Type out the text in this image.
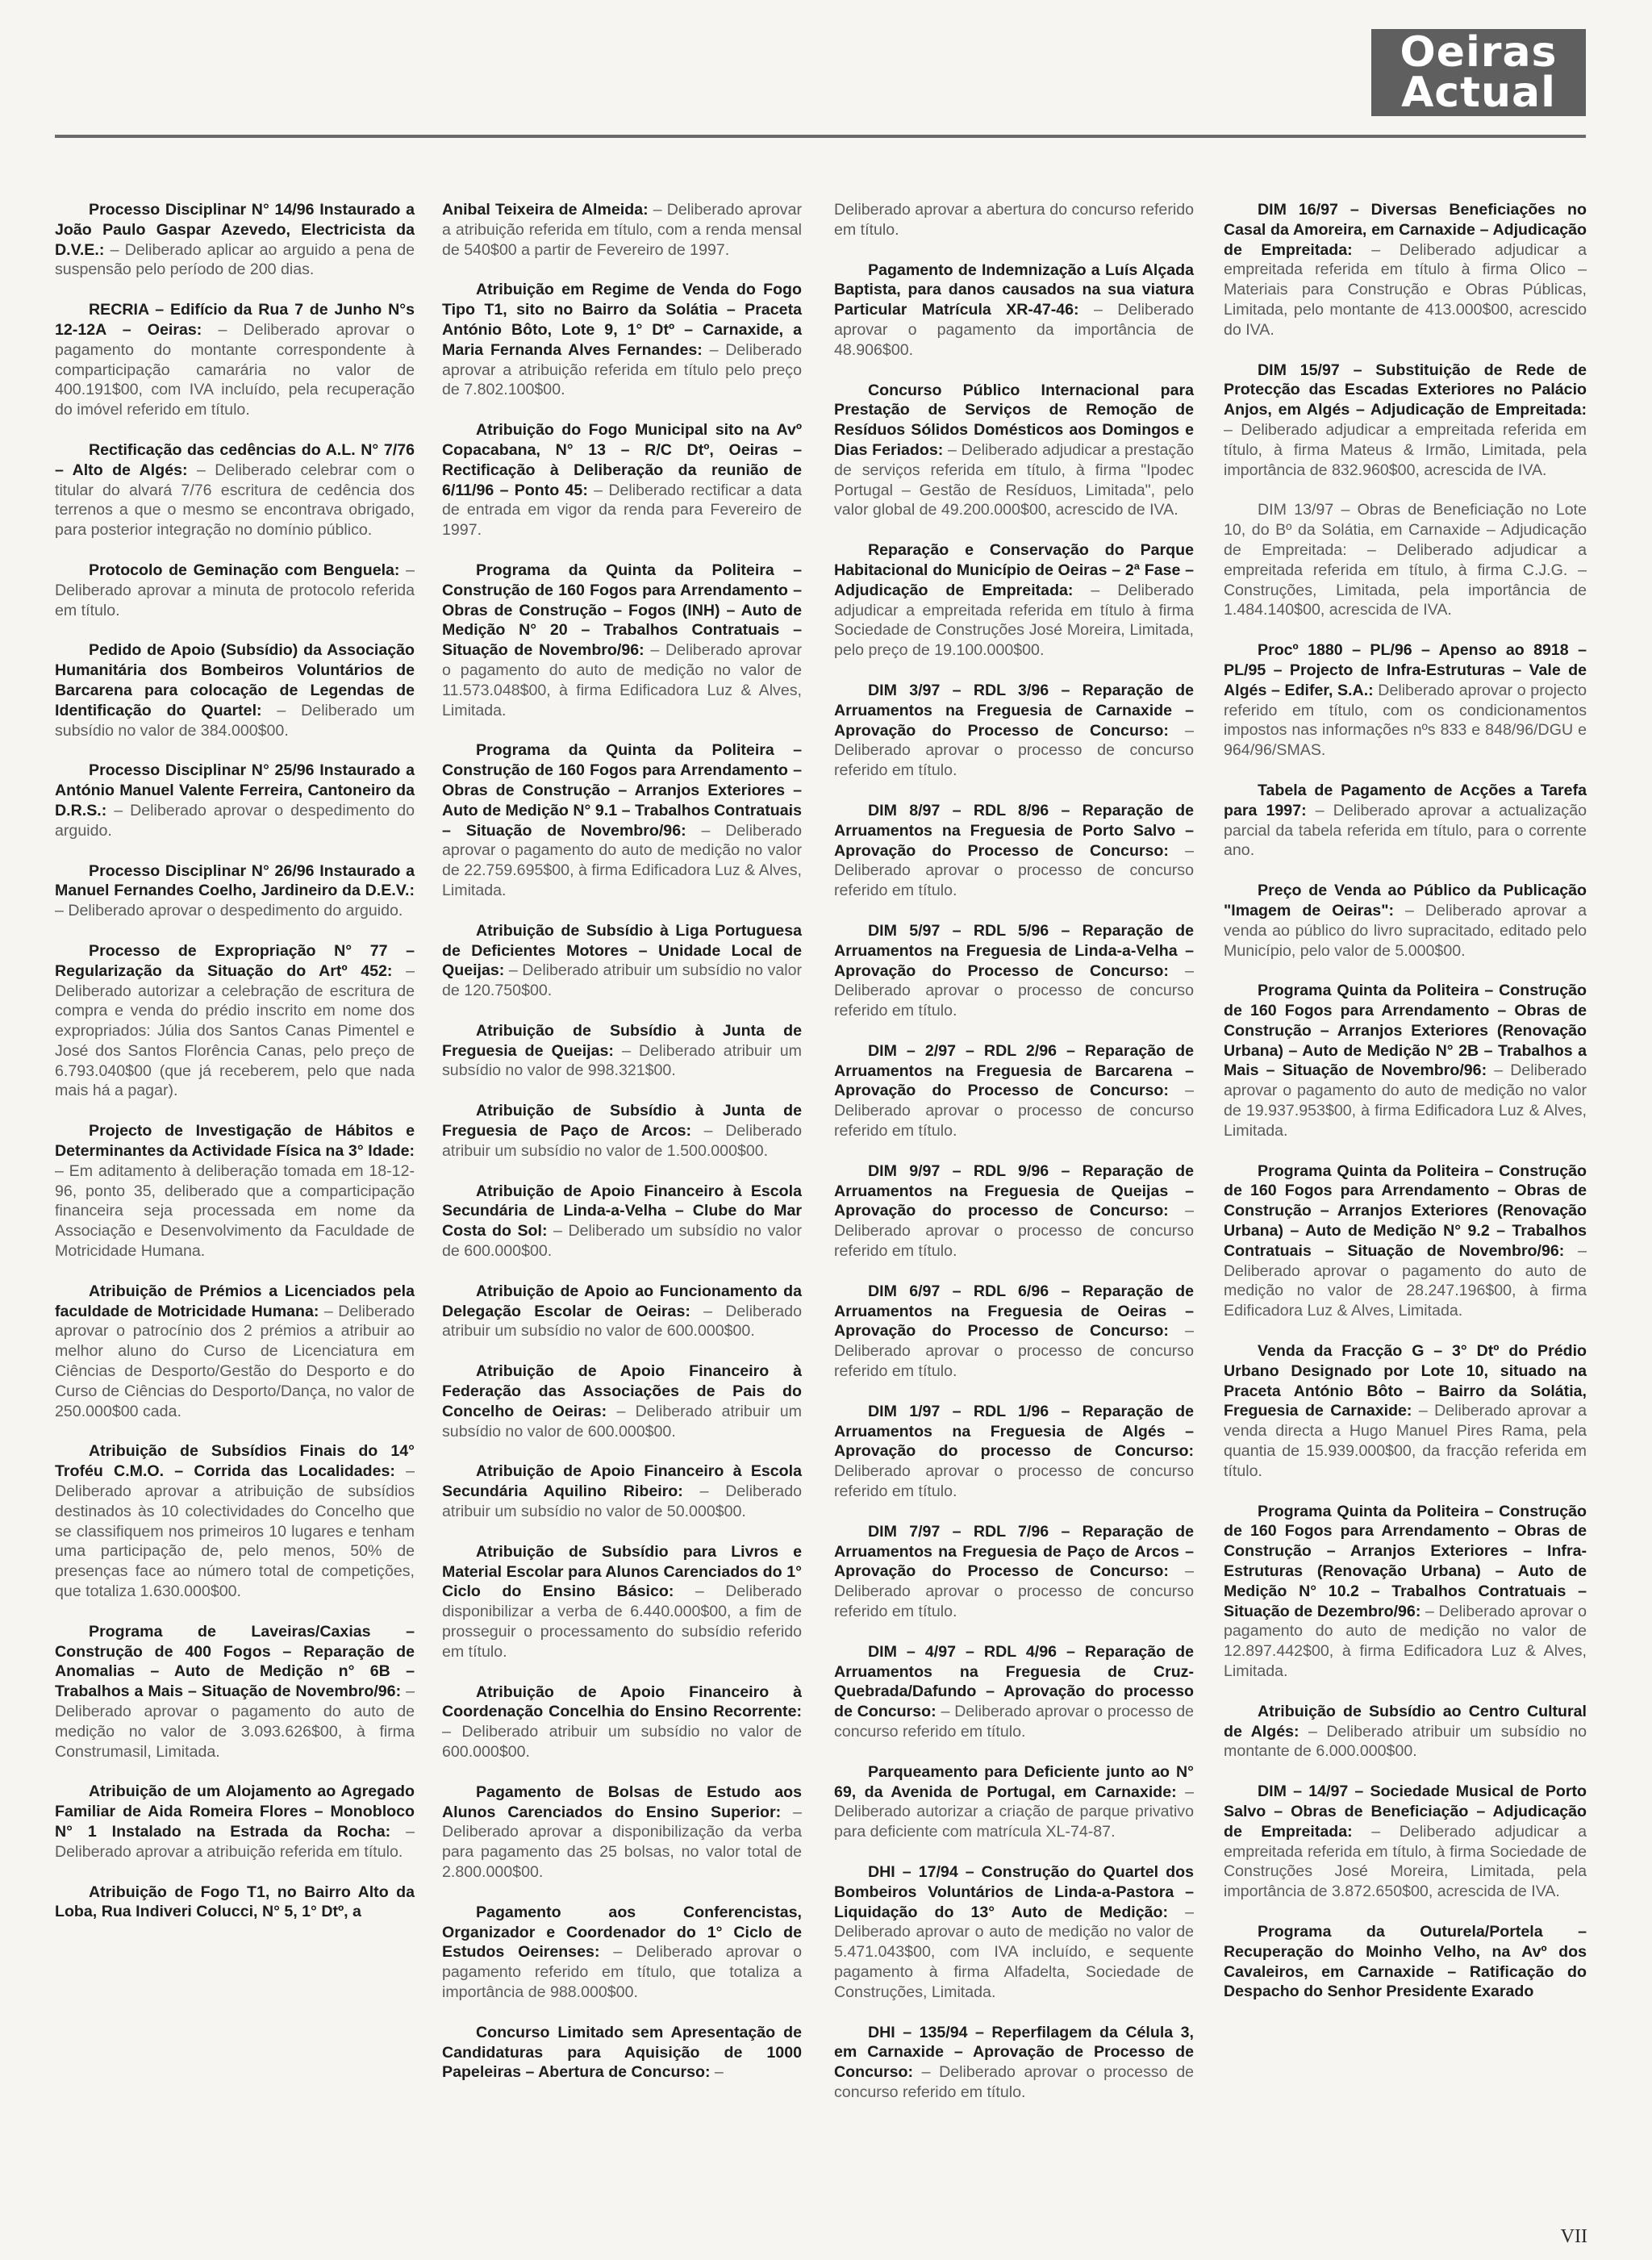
Oeiras
Actual

Processo Disciplinar N° 14/96 Instaurado a João Paulo Gaspar Azevedo, Electricista da D.V.E.: – Deliberado aplicar ao arguido a pena de suspensão pelo período de 200 dias.

RECRIA – Edifício da Rua 7 de Junho N°s 12-12A – Oeiras: – Deliberado aprovar o pagamento do montante correspondente à comparticipação camarária no valor de 400.191$00, com IVA incluído, pela recuperação do imóvel referido em título.

Rectificação das cedências do A.L. N° 7/76 – Alto de Algés: – Deliberado celebrar com o titular do alvará 7/76 escritura de cedência dos terrenos a que o mesmo se encontrava obrigado, para posterior integração no domínio público.

Protocolo de Geminação com Benguela: – Deliberado aprovar a minuta de protocolo referida em título.

Pedido de Apoio (Subsídio) da Associação Humanitária dos Bombeiros Voluntários de Barcarena para colocação de Legendas de Identificação do Quartel: – Deliberado um subsídio no valor de 384.000$00.

Processo Disciplinar N° 25/96 Instaurado a António Manuel Valente Ferreira, Cantoneiro da D.R.S.: – Deliberado aprovar o despedimento do arguido.

Processo Disciplinar N° 26/96 Instaurado a Manuel Fernandes Coelho, Jardineiro da D.E.V.: – Deliberado aprovar o despedimento do arguido.

Processo de Expropriação N° 77 – Regularização da Situação do Artº 452: – Deliberado autorizar a celebração de escritura de compra e venda do prédio inscrito em nome dos expropriados: Júlia dos Santos Canas Pimentel e José dos Santos Florência Canas, pelo preço de 6.793.040$00 (que já receberem, pelo que nada mais há a pagar).

Projecto de Investigação de Hábitos e Determinantes da Actividade Física na 3° Idade: – Em aditamento à deliberação tomada em 18-12-96, ponto 35, deliberado que a comparticipação financeira seja processada em nome da Associação e Desenvolvimento da Faculdade de Motricidade Humana.

Atribuição de Prémios a Licenciados pela faculdade de Motricidade Humana: – Deliberado aprovar o patrocínio dos 2 prémios a atribuir ao melhor aluno do Curso de Licenciatura em Ciências de Desporto/Gestão do Desporto e do Curso de Ciências do Desporto/Dança, no valor de 250.000$00 cada.

Atribuição de Subsídios Finais do 14° Troféu C.M.O. – Corrida das Localidades: – Deliberado aprovar a atribuição de subsídios destinados às 10 colectividades do Concelho que se classifiquem nos primeiros 10 lugares e tenham uma participação de, pelo menos, 50% de presenças face ao número total de competições, que totaliza 1.630.000$00.

Programa de Laveiras/Caxias – Construção de 400 Fogos – Reparação de Anomalias – Auto de Medição n° 6B – Trabalhos a Mais – Situação de Novembro/96: – Deliberado aprovar o pagamento do auto de medição no valor de 3.093.626$00, à firma Construmasil, Limitada.

Atribuição de um Alojamento ao Agregado Familiar de Aida Romeira Flores – Monobloco N° 1 Instalado na Estrada da Rocha: – Deliberado aprovar a atribuição referida em título.

Atribuição de Fogo T1, no Bairro Alto da Loba, Rua Indiveri Colucci, N° 5, 1° Dtº, a

Anibal Teixeira de Almeida: – Deliberado aprovar a atribuição referida em título, com a renda mensal de 540$00 a partir de Fevereiro de 1997.

Atribuição em Regime de Venda do Fogo Tipo T1, sito no Bairro da Solátia – Praceta António Bôto, Lote 9, 1° Dtº – Carnaxide, a Maria Fernanda Alves Fernandes: – Deliberado aprovar a atribuição referida em título pelo preço de 7.802.100$00.

Atribuição do Fogo Municipal sito na Avº Copacabana, N° 13 – R/C Dtº, Oeiras – Rectificação à Deliberação da reunião de 6/11/96 – Ponto 45: – Deliberado rectificar a data de entrada em vigor da renda para Fevereiro de 1997.

Programa da Quinta da Politeira – Construção de 160 Fogos para Arrendamento – Obras de Construção – Fogos (INH) – Auto de Medição N° 20 – Trabalhos Contratuais – Situação de Novembro/96: – Deliberado aprovar o pagamento do auto de medição no valor de 11.573.048$00, à firma Edificadora Luz & Alves, Limitada.

Programa da Quinta da Politeira – Construção de 160 Fogos para Arrendamento – Obras de Construção – Arranjos Exteriores – Auto de Medição N° 9.1 – Trabalhos Contratuais – Situação de Novembro/96: – Deliberado aprovar o pagamento do auto de medição no valor de 22.759.695$00, à firma Edificadora Luz & Alves, Limitada.

Atribuição de Subsídio à Liga Portuguesa de Deficientes Motores – Unidade Local de Queijas: – Deliberado atribuir um subsídio no valor de 120.750$00.

Atribuição de Subsídio à Junta de Freguesia de Queijas: – Deliberado atribuir um subsídio no valor de 998.321$00.

Atribuição de Subsídio à Junta de Freguesia de Paço de Arcos: – Deliberado atribuir um subsídio no valor de 1.500.000$00.

Atribuição de Apoio Financeiro à Escola Secundária de Linda-a-Velha – Clube do Mar Costa do Sol: – Deliberado um subsídio no valor de 600.000$00.

Atribuição de Apoio ao Funcionamento da Delegação Escolar de Oeiras: – Deliberado atribuir um subsídio no valor de 600.000$00.

Atribuição de Apoio Financeiro à Federação das Associações de Pais do Concelho de Oeiras: – Deliberado atribuir um subsídio no valor de 600.000$00.

Atribuição de Apoio Financeiro à Escola Secundária Aquilino Ribeiro: – Deliberado atribuir um subsídio no valor de 50.000$00.

Atribuição de Subsídio para Livros e Material Escolar para Alunos Carenciados do 1° Ciclo do Ensino Básico: – Deliberado disponibilizar a verba de 6.440.000$00, a fim de prosseguir o processamento do subsídio referido em título.

Atribuição de Apoio Financeiro à Coordenação Concelhia do Ensino Recorrente: – Deliberado atribuir um subsídio no valor de 600.000$00.

Pagamento de Bolsas de Estudo aos Alunos Carenciados do Ensino Superior: – Deliberado aprovar a disponibilização da verba para pagamento das 25 bolsas, no valor total de 2.800.000$00.

Pagamento aos Conferencistas, Organizador e Coordenador do 1° Ciclo de Estudos Oeirenses: – Deliberado aprovar o pagamento referido em título, que totaliza a importância de 988.000$00.

Concurso Limitado sem Apresentação de Candidaturas para Aquisição de 1000 Papeleiras – Abertura de Concurso: –

Deliberado aprovar a abertura do concurso referido em título.

Pagamento de Indemnização a Luís Alçada Baptista, para danos causados na sua viatura Particular Matrícula XR-47-46: – Deliberado aprovar o pagamento da importância de 48.906$00.

Concurso Público Internacional para Prestação de Serviços de Remoção de Resíduos Sólidos Domésticos aos Domingos e Dias Feriados: – Deliberado adjudicar a prestação de serviços referida em título, à firma "Ipodec Portugal – Gestão de Resíduos, Limitada", pelo valor global de 49.200.000$00, acrescido de IVA.

Reparação e Conservação do Parque Habitacional do Município de Oeiras – 2ª Fase – Adjudicação de Empreitada: – Deliberado adjudicar a empreitada referida em título à firma Sociedade de Construções José Moreira, Limitada, pelo preço de 19.100.000$00.

DIM 3/97 – RDL 3/96 – Reparação de Arruamentos na Freguesia de Carnaxide – Aprovação do Processo de Concurso: – Deliberado aprovar o processo de concurso referido em título.

DIM 8/97 – RDL 8/96 – Reparação de Arruamentos na Freguesia de Porto Salvo – Aprovação do Processo de Concurso: – Deliberado aprovar o processo de concurso referido em título.

DIM 5/97 – RDL 5/96 – Reparação de Arruamentos na Freguesia de Linda-a-Velha – Aprovação do Processo de Concurso: – Deliberado aprovar o processo de concurso referido em título.

DIM – 2/97 – RDL 2/96 – Reparação de Arruamentos na Freguesia de Barcarena – Aprovação do Processo de Concurso: – Deliberado aprovar o processo de concurso referido em título.

DIM 9/97 – RDL 9/96 – Reparação de Arruamentos na Freguesia de Queijas – Aprovação do processo de Concurso: – Deliberado aprovar o processo de concurso referido em título.

DIM 6/97 – RDL 6/96 – Reparação de Arruamentos na Freguesia de Oeiras – Aprovação do Processo de Concurso: – Deliberado aprovar o processo de concurso referido em título.

DIM 1/97 – RDL 1/96 – Reparação de Arruamentos na Freguesia de Algés – Aprovação do processo de Concurso: Deliberado aprovar o processo de concurso referido em título.

DIM 7/97 – RDL 7/96 – Reparação de Arruamentos na Freguesia de Paço de Arcos – Aprovação do Processo de Concurso: – Deliberado aprovar o processo de concurso referido em título.

DIM – 4/97 – RDL 4/96 – Reparação de Arruamentos na Freguesia de Cruz-Quebrada/Dafundo – Aprovação do processo de Concurso: – Deliberado aprovar o processo de concurso referido em título.

Parqueamento para Deficiente junto ao N° 69, da Avenida de Portugal, em Carnaxide: – Deliberado autorizar a criação de parque privativo para deficiente com matrícula XL-74-87.

DHI – 17/94 – Construção do Quartel dos Bombeiros Voluntários de Linda-a-Pastora – Liquidação do 13° Auto de Medição: – Deliberado aprovar o auto de medição no valor de 5.471.043$00, com IVA incluído, e sequente pagamento à firma Alfadelta, Sociedade de Construções, Limitada.

DHI – 135/94 – Reperfilagem da Célula 3, em Carnaxide – Aprovação de Processo de Concurso: – Deliberado aprovar o processo de concurso referido em título.

DIM 16/97 – Diversas Beneficiações no Casal da Amoreira, em Carnaxide – Adjudicação de Empreitada: – Deliberado adjudicar a empreitada referida em título à firma Olico – Materiais para Construção e Obras Públicas, Limitada, pelo montante de 413.000$00, acrescido do IVA.

DIM 15/97 – Substituição de Rede de Protecção das Escadas Exteriores no Palácio Anjos, em Algés – Adjudicação de Empreitada: – Deliberado adjudicar a empreitada referida em título, à firma Mateus & Irmão, Limitada, pela importância de 832.960$00, acrescida de IVA.

DIM 13/97 – Obras de Beneficiação no Lote 10, do Bº da Solátia, em Carnaxide – Adjudicação de Empreitada: – Deliberado adjudicar a empreitada referida em título, à firma C.J.G. – Construções, Limitada, pela importância de 1.484.140$00, acrescida de IVA.

Procº 1880 – PL/96 – Apenso ao 8918 – PL/95 – Projecto de Infra-Estruturas – Vale de Algés – Edifer, S.A.: Deliberado aprovar o projecto referido em título, com os condicionamentos impostos nas informações nºs 833 e 848/96/DGU e 964/96/SMAS.

Tabela de Pagamento de Acções a Tarefa para 1997: – Deliberado aprovar a actualização parcial da tabela referida em título, para o corrente ano.

Preço de Venda ao Público da Publicação "Imagem de Oeiras": – Deliberado aprovar a venda ao público do livro supracitado, editado pelo Município, pelo valor de 5.000$00.

Programa Quinta da Politeira – Construção de 160 Fogos para Arrendamento – Obras de Construção – Arranjos Exteriores (Renovação Urbana) – Auto de Medição N° 2B – Trabalhos a Mais – Situação de Novembro/96: – Deliberado aprovar o pagamento do auto de medição no valor de 19.937.953$00, à firma Edificadora Luz & Alves, Limitada.

Programa Quinta da Politeira – Construção de 160 Fogos para Arrendamento – Obras de Construção – Arranjos Exteriores (Renovação Urbana) – Auto de Medição N° 9.2 – Trabalhos Contratuais – Situação de Novembro/96: – Deliberado aprovar o pagamento do auto de medição no valor de 28.247.196$00, à firma Edificadora Luz & Alves, Limitada.

Venda da Fracção G – 3° Dtº do Prédio Urbano Designado por Lote 10, situado na Praceta António Bôto – Bairro da Solátia, Freguesia de Carnaxide: – Deliberado aprovar a venda directa a Hugo Manuel Pires Rama, pela quantia de 15.939.000$00, da fracção referida em título.

Programa Quinta da Politeira – Construção de 160 Fogos para Arrendamento – Obras de Construção – Arranjos Exteriores – Infra-Estruturas (Renovação Urbana) – Auto de Medição N° 10.2 – Trabalhos Contratuais – Situação de Dezembro/96: – Deliberado aprovar o pagamento do auto de medição no valor de 12.897.442$00, à firma Edificadora Luz & Alves, Limitada.

Atribuição de Subsídio ao Centro Cultural de Algés: – Deliberado atribuir um subsídio no montante de 6.000.000$00.

DIM – 14/97 – Sociedade Musical de Porto Salvo – Obras de Beneficiação – Adjudicação de Empreitada: – Deliberado adjudicar a empreitada referida em título, à firma Sociedade de Construções José Moreira, Limitada, pela importância de 3.872.650$00, acrescida de IVA.

Programa da Outurela/Portela – Recuperação do Moinho Velho, na Avº dos Cavaleiros, em Carnaxide – Ratificação do Despacho do Senhor Presidente Exarado

VII
